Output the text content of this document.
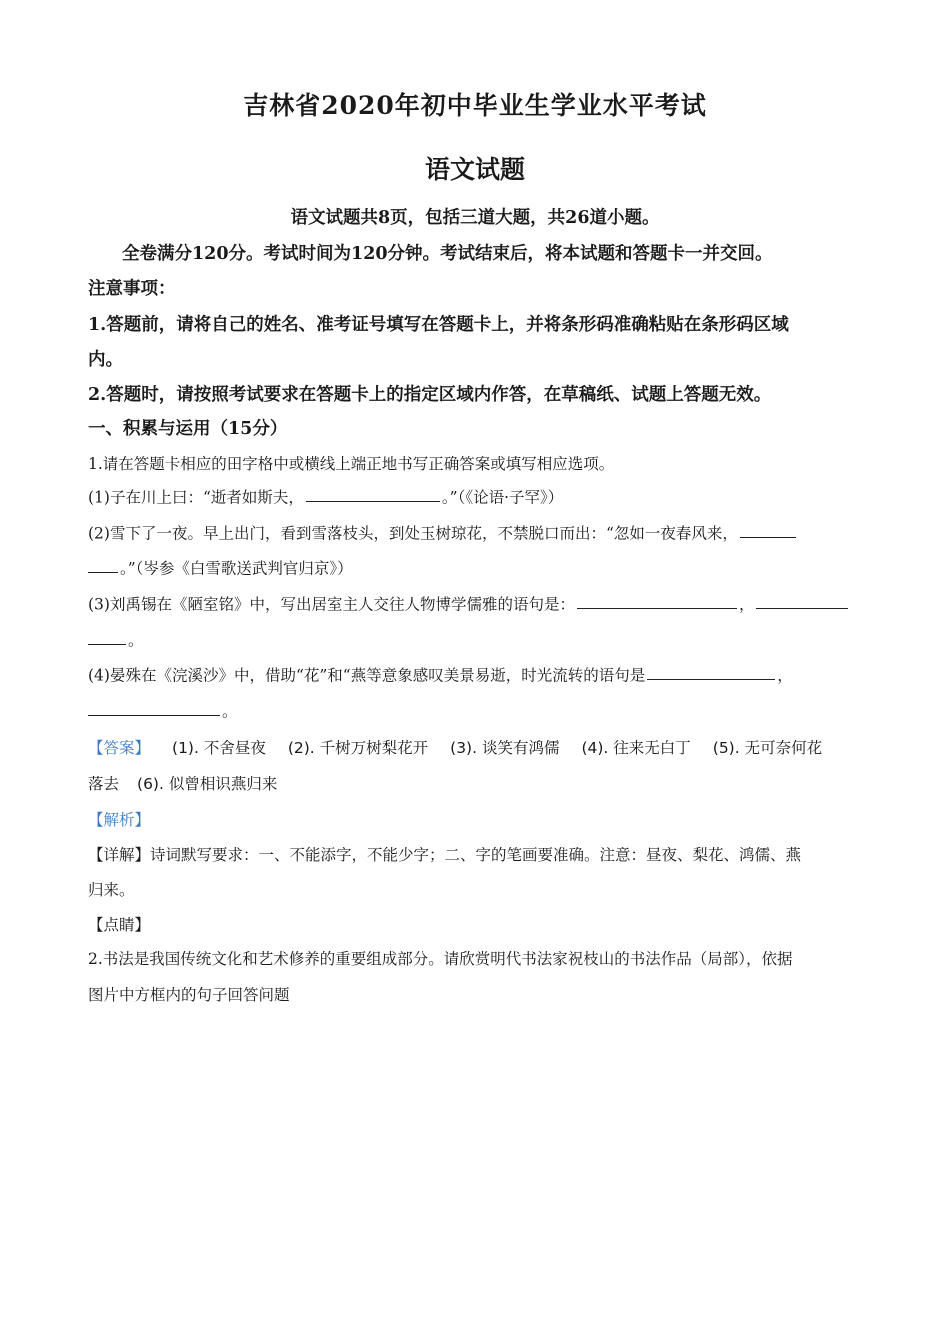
吉林省2020年初中毕业生学业水平考试
语文试题
语文试题共8页，包括三道大题，共26道小题。
全卷满分120分。考试时间为120分钟。考试结束后，将本试题和答题卡一并交回。
注意事项：
1.答题前，请将自己的姓名、准考证号填写在答题卡上，并将条形码准确粘贴在条形码区域
内。
2.答题时，请按照考试要求在答题卡上的指定区域内作答，在草稿纸、试题上答题无效。
一、积累与运用（15分）
1.请在答题卡相应的田字格中或横线上端正地书写正确答案或填写相应选项。
(1)子在川上曰：“逝者如斯夫，	。”（《论语·子罕》）
(2)雪下了一夜。早上出门，看到雪落枝头，到处玉树琼花，不禁脱口而出：“忽如一夜春风来，
。”（岑参《白雪歌送武判官归京》）
(3)刘禹锡在《陋室铭》中，写出居室主人交往人物博学儒雅的语句是：	，
。
(4)晏殊在《浣溪沙》中，借助“花”和“燕等意象感叹美景易逝，时光流转的语句是	，
。
【答案】 (1). 不舍昼夜 (2). 千树万树梨花开 (3). 谈笑有鸿儒 (4). 往来无白丁 (5). 无可奈何花
落去 (6). 似曾相识燕归来
【解析】
【详解】诗词默写要求：一、不能添字，不能少字；二、字的笔画要准确。注意：昼夜、梨花、鸿儒、燕
归来。
【点睛】
2.书法是我国传统文化和艺术修养的重要组成部分。请欣赏明代书法家祝枝山的书法作品（局部），依据
图片中方框内的句子回答问题
